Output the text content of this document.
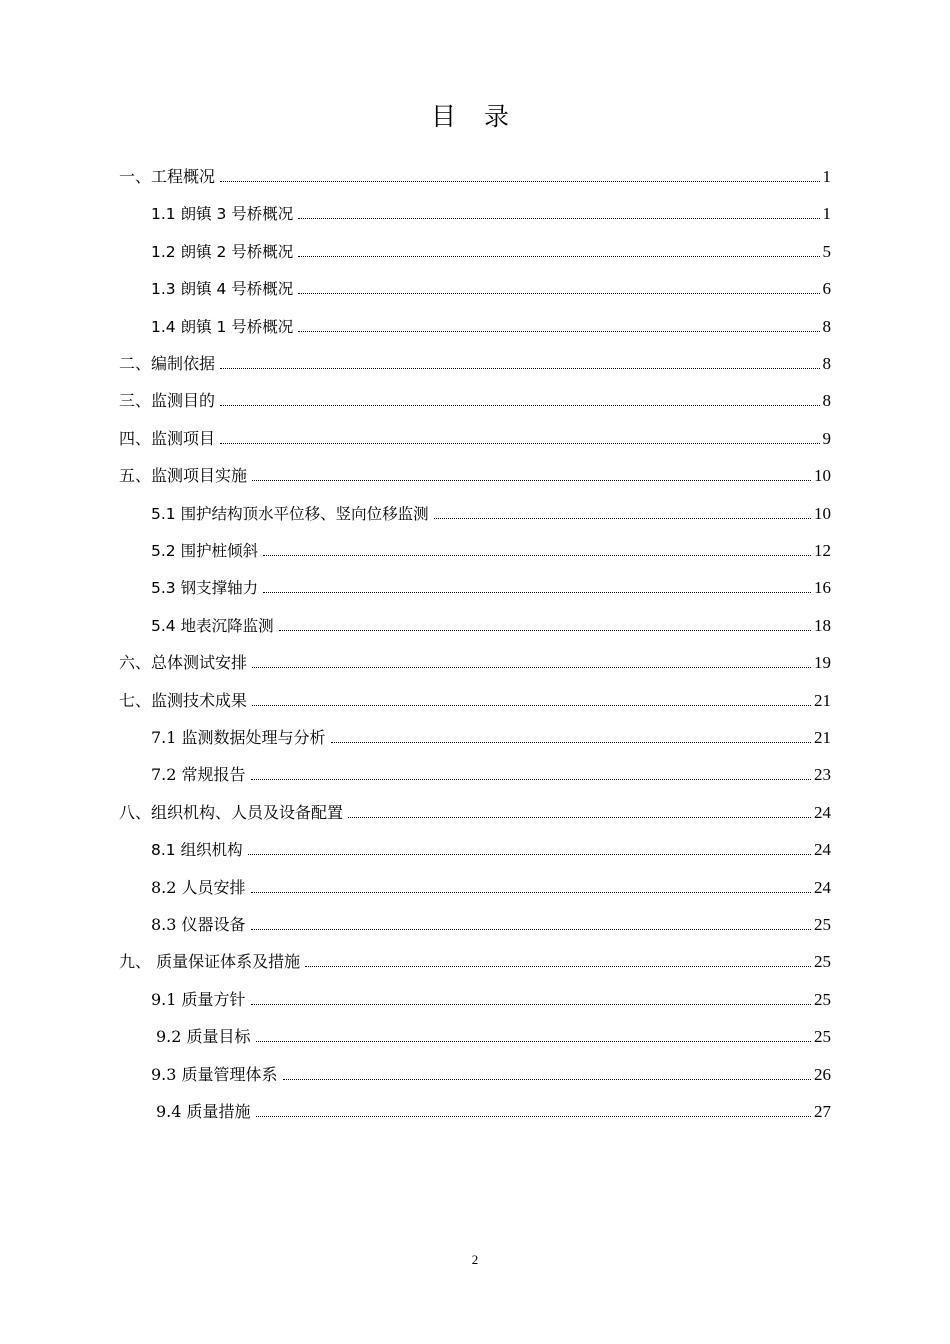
目 录
一、工程概况	1
1.1 朗镇 3 号桥概况	1
1.2 朗镇 2 号桥概况	5
1.3 朗镇 4 号桥概况	6
1.4 朗镇 1 号桥概况	8
二、编制依据	8
三、监测目的	8
四、监测项目	9
五、监测项目实施	10
5.1 围护结构顶水平位移、竖向位移监测	10
5.2 围护桩倾斜	12
5.3 钢支撑轴力	16
5.4 地表沉降监测	18
六、总体测试安排	19
七、监测技术成果	21
7.1 监测数据处理与分析	21
7.2 常规报告	23
八、组织机构、人员及设备配置	24
8.1 组织机构	24
8.2 人员安排	24
8.3 仪器设备	25
九、 质量保证体系及措施	25
9.1 质量方针	25
9.2 质量目标	25
9.3 质量管理体系	26
9.4 质量措施	27
2
